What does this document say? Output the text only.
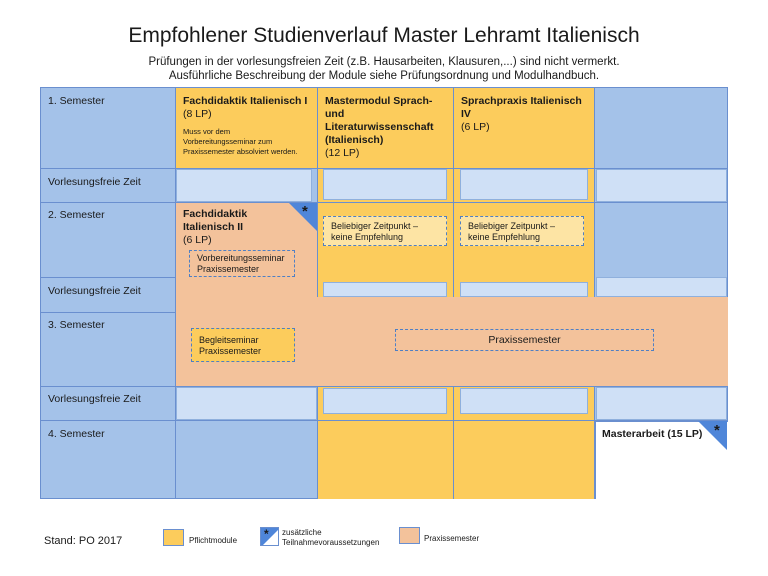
Empfohlener Studienverlauf Master Lehramt Italienisch
Prüfungen in der vorlesungsfreien Zeit (z.B. Hausarbeiten, Klausuren,...) sind nicht vermerkt.
Ausführliche Beschreibung der Module siehe Prüfungsordnung und Modulhandbuch.
1. Semester
Vorlesungsfreie Zeit
2. Semester
Vorlesungsfreie Zeit
3. Semester
Vorlesungsfreie Zeit
4. Semester
Fachdidaktik Italienisch I
(8 LP)
Muss vor dem
Vorbereitungsseminar zum
Praxissemester absolviert werden.
Mastermodul Sprach- und
Literaturwissenschaft
(Italienisch)
(12 LP)
Sprachpraxis Italienisch IV
(6 LP)
Fachdidaktik
Italienisch II
(6 LP)
*
Vorbereitungsseminar
Praxissemester
Beliebiger Zeitpunkt –
keine Empfehlung
Beliebiger Zeitpunkt –
keine Empfehlung
Begleitseminar
Praxissemester
Praxissemester
Masterarbeit (15 LP) *
Stand: PO 2017	Pflichtmodule * zusätzliche
Teilnahmevoraussetzungen	Praxissemester
